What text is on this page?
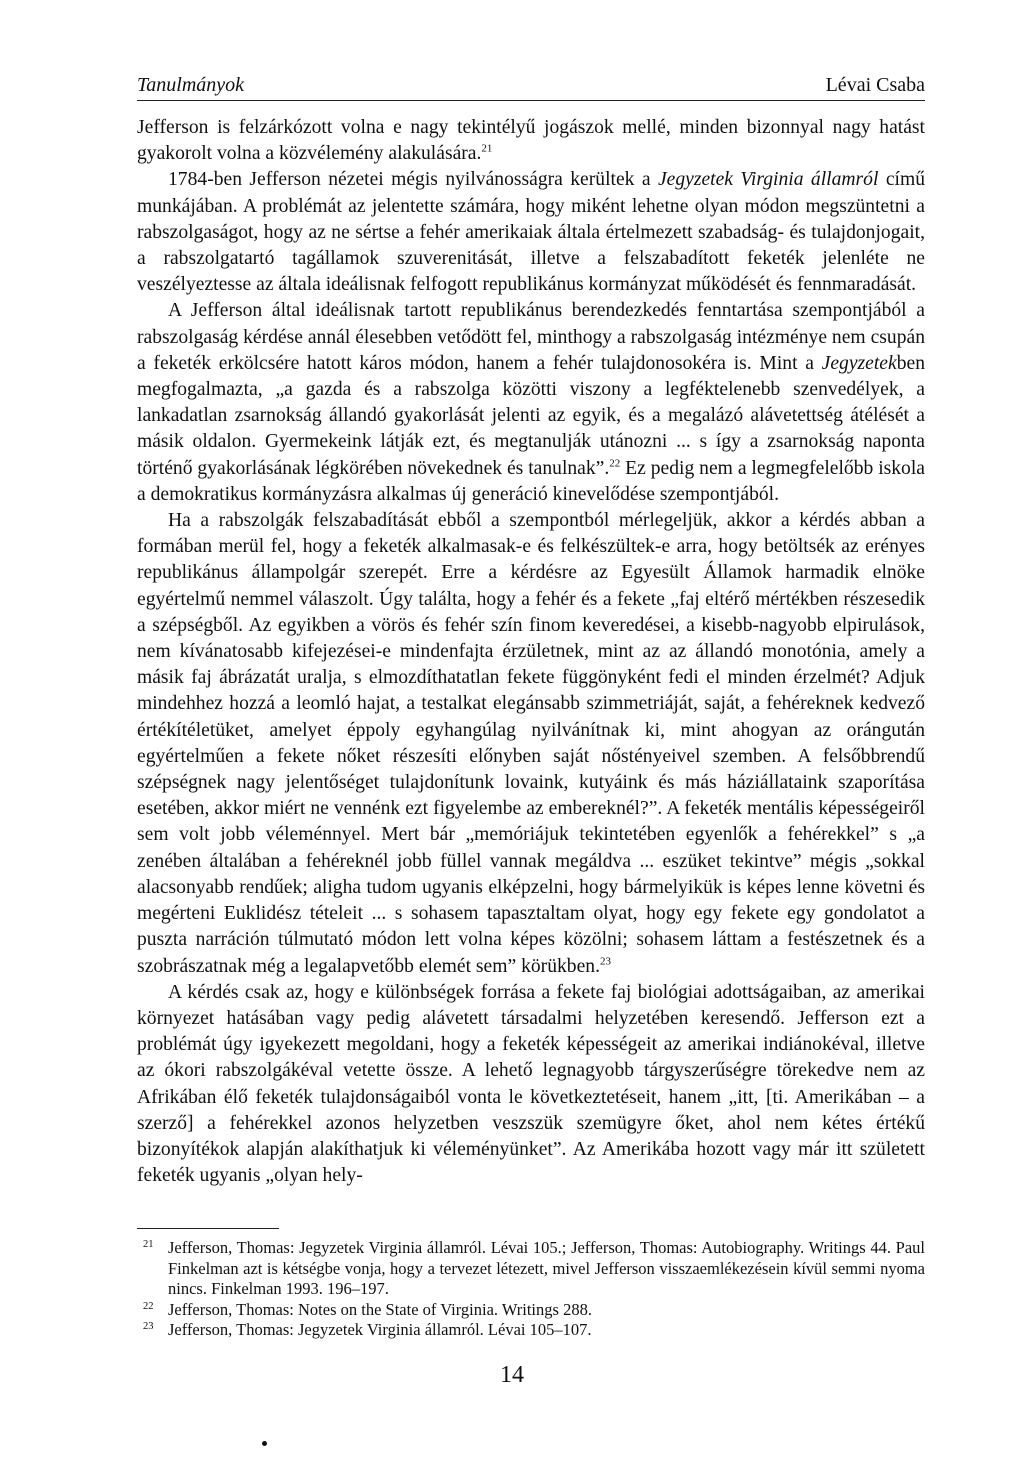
Tanulmányok	Lévai Csaba

Jefferson is felzárkózott volna e nagy tekintélyű jogászok mellé, minden bizonnyal nagy hatást gyakorolt volna a közvélemény alakulására.$^{21}$

1784-ben Jefferson nézetei mégis nyilvánosságra kerültek a Jegyzetek Virginia államról című munkájában. A problémát az jelentette számára, hogy miként lehetne olyan módon megszüntetni a rabszolgaságot, hogy az ne sértse a fehér amerikaiak általa értelmezett szabadság- és tulajdonjogait, a rabszolgatartó tagállamok szuverenitását, illetve a felszabadított feketék jelenléte ne veszélyeztesse az általa ideálisnak felfogott republikánus kormányzat működését és fennmaradását.

A Jefferson által ideálisnak tartott republikánus berendezkedés fenntartása szempontjából a rabszolgaság kérdése annál élesebben vetődött fel, minthogy a rabszolgaság intézménye nem csupán a feketék erkölcsére hatott káros módon, hanem a fehér tulajdonosokéra is. Mint a Jegyzetekben megfogalmazta, „a gazda és a rabszolga közötti viszony a legféktelenebb szenvedélyek, a lankadatlan zsarnokság állandó gyakorlását jelenti az egyik, és a megalázó alávetettség átélését a másik oldalon. Gyermekeink látják ezt, és megtanulják utánozni ... s így a zsarnokság naponta történő gyakorlásának légkörében növekednek és tanulnak”.$^{22}$ Ez pedig nem a legmegfelelőbb iskola a demokratikus kormányzásra alkalmas új generáció kinevelődése szempontjából.

Ha a rabszolgák felszabadítását ebből a szempontból mérlegeljük, akkor a kérdés abban a formában merül fel, hogy a feketék alkalmasak-e és felkészültek-e arra, hogy betöltsék az erényes republikánus állampolgár szerepét. Erre a kérdésre az Egyesült Államok harmadik elnöke egyértelmű nemmel válaszolt. Úgy találta, hogy a fehér és a fekete „faj eltérő mértékben részesedik a szépségből. Az egyikben a vörös és fehér szín finom keveredései, a kisebb-nagyobb elpirulások, nem kívánatosabb kifejezései-e mindenfajta érzületnek, mint az az állandó monotónia, amely a másik faj ábrázatát uralja, s elmozdíthatatlan fekete függönyként fedi el minden érzelmét? Adjuk mindehhez hozzá a leomló hajat, a testalkat elegánsabb szimmetriáját, saját, a fehéreknek kedvező értékítéletüket, amelyet éppoly egyhangúlag nyilvánítnak ki, mint ahogyan az orángután egyértelműen a fekete nőket részesíti előnyben saját nőstényeivel szemben. A felsőbbrendű szépségnek nagy jelentőséget tulajdonítunk lovaink, kutyáink és más háziállataink szaporítása esetében, akkor miért ne vennénk ezt figyelembe az embereknél?”. A feketék mentális képességeiről sem volt jobb véleménnyel. Mert bár „memóriájuk tekintetében egyenlők a fehérekkel” s „a zenében általában a fehéreknél jobb füllel vannak megáldva ... eszüket tekintve” mégis „sokkal alacsonyabb rendűek; aligha tudom ugyanis elképzelni, hogy bármelyikük is képes lenne követni és megérteni Euklidész tételeit ... s sohasem tapasztaltam olyat, hogy egy fekete egy gondolatot a puszta narráción túlmutató módon lett volna képes közölni; sohasem láttam a festészetnek és a szobrászatnak még a legalapvetőbb elemét sem” körükben.$^{23}$

A kérdés csak az, hogy e különbségek forrása a fekete faj biológiai adottságaiban, az amerikai környezet hatásában vagy pedig alávetett társadalmi helyzetében keresendő. Jefferson ezt a problémát úgy igyekezett megoldani, hogy a feketék képességeit az amerikai indiánokéval, illetve az ókori rabszolgákéval vetette össze. A lehető legnagyobb tárgyszerűségre törekedve nem az Afrikában élő feketék tulajdonságaiból vonta le következtetéseit, hanem „itt, [ti. Amerikában – a szerző] a fehérekkel azonos helyzetben veszszük szemügyre őket, ahol nem kétes értékű bizonyítékok alapján alakíthatjuk ki véleményünket”. Az Amerikába hozott vagy már itt született feketék ugyanis „olyan hely-

21 Jefferson, Thomas: Jegyzetek Virginia államról. Lévai 105.; Jefferson, Thomas: Autobiography. Writings 44. Paul Finkelman azt is kétségbe vonja, hogy a tervezet létezett, mivel Jefferson visszaemlékezésein kívül semmi nyoma nincs. Finkelman 1993. 196–197.

22 Jefferson, Thomas: Notes on the State of Virginia. Writings 288.

23 Jefferson, Thomas: Jegyzetek Virginia államról. Lévai 105–107.

14
